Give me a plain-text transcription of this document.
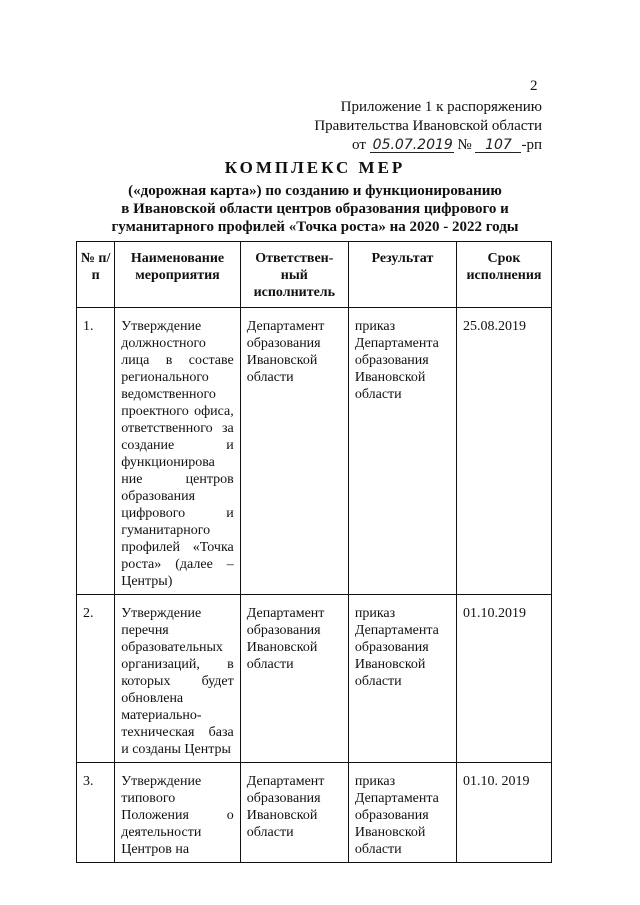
2
Приложение 1 к распоряжению
Правительства Ивановской области
от 05.07.2019 № 107 -рп
КОМПЛЕКС МЕР
(«дорожная карта») по созданию и функционированию
в Ивановской области центров образования цифрового и
гуманитарного профилей «Точка роста» на 2020 - 2022 годы
№ п/п	Наименование мероприятия	Ответствен-ный исполнитель	Результат	Срок исполнения
1.	Утверждение должностного лица в составе регионального ведомственного проектного офиса, ответственного за создание и функционирова ние центров образования цифрового и гуманитарного профилей «Точка роста» (далее – Центры)	Департамент образования Ивановской области	приказ Департамента образования Ивановской области	25.08.2019
2.	Утверждение перечня образовательных организаций, в которых будет обновлена материально-техническая база и созданы Центры	Департамент образования Ивановской области	приказ Департамента образования Ивановской области	01.10.2019
3.	Утверждение типового Положения о деятельности Центров на	Департамент образования Ивановской области	приказ Департамента образования Ивановской области	01.10. 2019
